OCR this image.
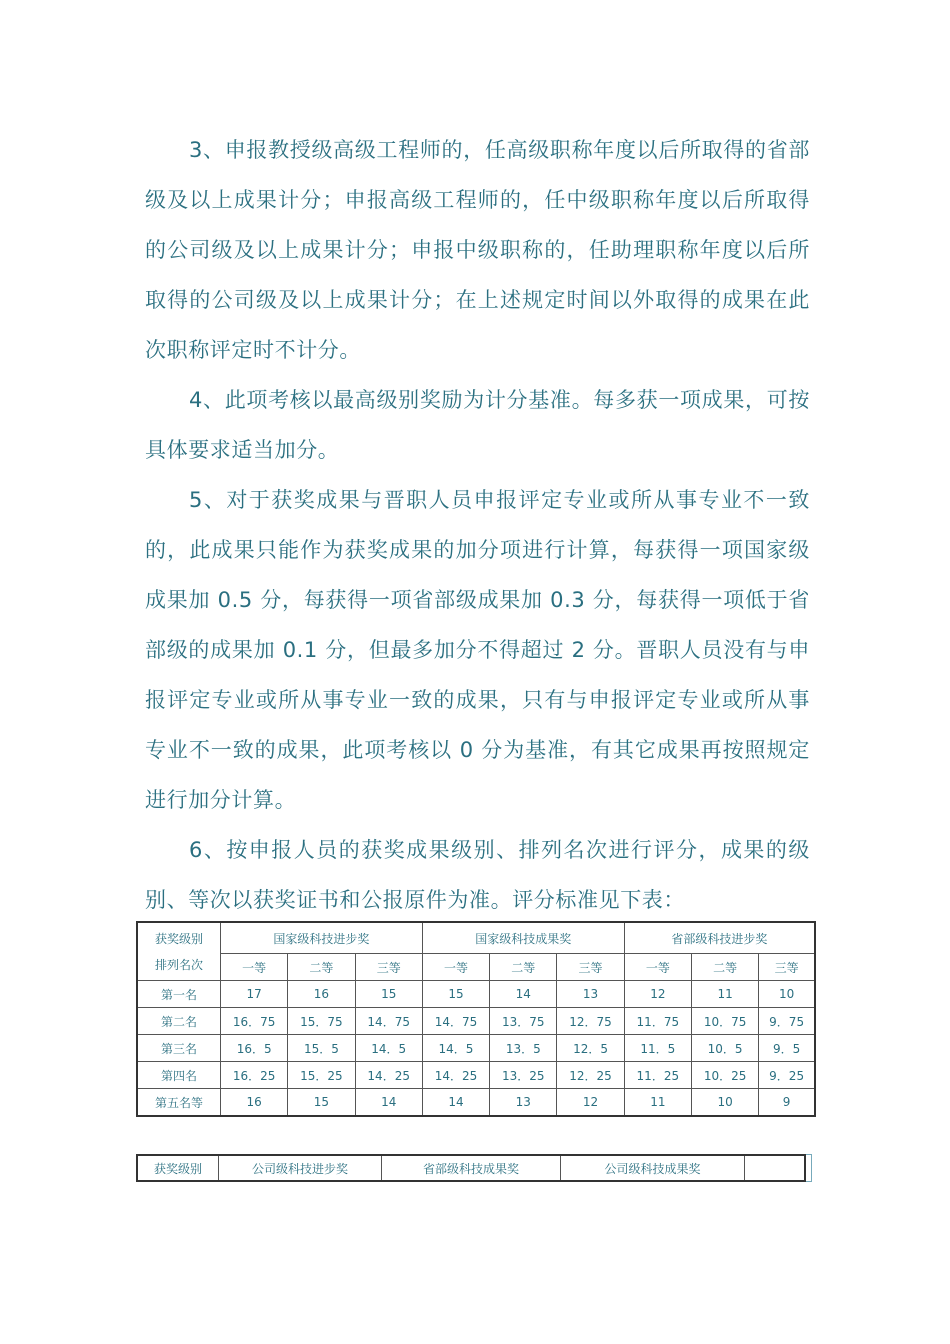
3、申报教授级高级工程师的，任高级职称年度以后所取得的省部级及以上成果计分；申报高级工程师的，任中级职称年度以后所取得的公司级及以上成果计分；申报中级职称的，任助理职称年度以后所取得的公司级及以上成果计分；在上述规定时间以外取得的成果在此次职称评定时不计分。

4、此项考核以最高级别奖励为计分基准。每多获一项成果，可按具体要求适当加分。

5、对于获奖成果与晋职人员申报评定专业或所从事专业不一致的，此成果只能作为获奖成果的加分项进行计算，每获得一项国家级成果加 0.5 分，每获得一项省部级成果加 0.3 分，每获得一项低于省部级的成果加 0.1 分，但最多加分不得超过 2 分。晋职人员没有与申报评定专业或所从事专业一致的成果，只有与申报评定专业或所从事专业不一致的成果，此项考核以 0 分为基准，有其它成果再按照规定进行加分计算。

6、按申报人员的获奖成果级别、排列名次进行评分，成果的级别、等次以获奖证书和公报原件为准。评分标准见下表：

获奖级别
排列名次	国家级科技进步奖			国家级科技成果奖			省部级科技进步奖		
	一等	二等	三等	一等	二等	三等	一等	二等	三等
第一名	17	16	15	15	14	13	12	11	10
第二名	16．75	15．75	14．75	14．75	13．75	12．75	11．75	10．75	9．75
第三名	16．5	15．5	14．5	14．5	13．5	12．5	11．5	10．5	9．5
第四名	16．25	15．25	14．25	14．25	13．25	12．25	11．25	10．25	9．25
第五名等	16	15	14	14	13	12	11	10	9
获奖级别	公司级科技进步奖	省部级科技成果奖	公司级科技成果奖	
